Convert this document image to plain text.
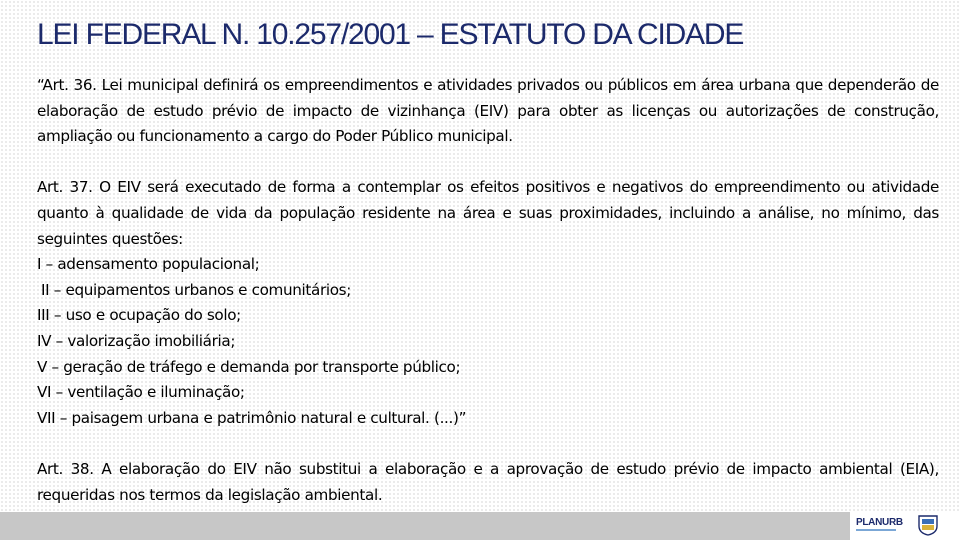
LEI FEDERAL N. 10.257/2001 – ESTATUTO DA CIDADE

“Art. 36. Lei municipal definirá os empreendimentos e atividades privados ou públicos em área urbana que dependerão de elaboração de estudo prévio de impacto de vizinhança (EIV) para obter as licenças ou autorizações de construção, ampliação ou funcionamento a cargo do Poder Público municipal.

Art. 37. O EIV será executado de forma a contemplar os efeitos positivos e negativos do empreendimento ou atividade quanto à qualidade de vida da população residente na área e suas proximidades, incluindo a análise, no mínimo, das seguintes questões:

I – adensamento populacional;
II – equipamentos urbanos e comunitários;
III – uso e ocupação do solo;
IV – valorização imobiliária;
V – geração de tráfego e demanda por transporte público;
VI – ventilação e iluminação;
VII – paisagem urbana e patrimônio natural e cultural. (...)”

Art. 38. A elaboração do EIV não substitui a elaboração e a aprovação de estudo prévio de impacto ambiental (EIA), requeridas nos termos da legislação ambiental.

PLANURB
